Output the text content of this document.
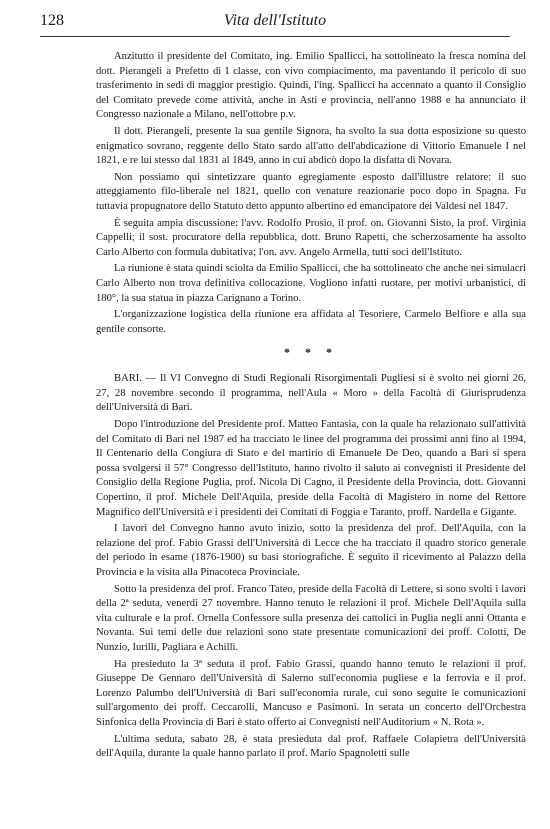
128	Vita dell'Istituto

Anzitutto il presidente del Comitato, ing. Emilio Spallicci, ha sottolineato la fresca nomina del dott. Pierangeli a Prefetto di I classe, con vivo compiacimento, ma paventando il pericolo di suo trasferimento in sedi di maggior prestigio. Quindi, l'ing. Spallicci ha accennato a quanto il Consiglio del Comitato prevede come attività, anche in Asti e provincia, nell'anno 1988 e ha annunciato il Congresso nazionale a Milano, nell'ottobre p.v.

Il dott. Pierangeli, presente la sua gentile Signora, ha svolto la sua dotta esposizione su questo enigmatico sovrano, reggente dello Stato sardo all'atto dell'abdicazione di Vittorio Emanuele I nel 1821, e re lui stesso dal 1831 al 1849, anno in cui abdicò dopo la disfatta di Novara.

Non possiamo qui sintetizzare quanto egregiamente esposto dall'illustre relatore: il suo atteggiamento filo-liberale nel 1821, quello con venature reazionarie poco dopo in Spagna. Fu tuttavia propugnatore dello Statuto detto appunto albertino ed emancipatore dei Valdesi nel 1847.

È seguita ampia discussione: l'avv. Rodolfo Prosio, il prof. on. Giovanni Sisto, la prof. Virginia Cappelli; il sost. procuratore della repubblica, dott. Bruno Rapetti, che scherzosamente ha assolto Carlo Alberto con formula dubitativa; l'on. avv. Angelo Armella, tutti soci dell'Istituto.

La riunione è stata quindi sciolta da Emilio Spallicci, che ha sottolineato che anche nei simulacri Carlo Alberto non trova definitiva collocazione. Vogliono infatti ruotare, per motivi urbanistici, di 180°, la sua statua in piazza Carignano a Torino.

L'organizzazione logistica della riunione era affidata al Tesoriere, Carmelo Belfiore e alla sua gentile consorte.

* * *

BARI. — Il VI Convegno di Studi Regionali Risorgimentali Pugliesi si è svolto nei giorni 26, 27, 28 novembre secondo il programma, nell'Aula « Moro » della Facoltà di Giurisprudenza dell'Università di Bari.

Dopo l'introduzione del Presidente prof. Matteo Fantasia, con la quale ha relazionato sull'attività del Comitato di Bari nel 1987 ed ha tracciato le linee del programma dei prossimi anni fino al 1994, Il Centenario della Congiura di Stato e del martirio di Emanuele De Deo, quando a Bari si spera possa svolgersi il 57° Congresso dell'Istituto, hanno rivolto il saluto ai convegnisti il Presidente del Consiglio della Regione Puglia, prof. Nicola Di Cagno, il Presidente della Provincia, dott. Giovanni Copertino, il prof. Michele Dell'Aquila, preside della Facoltà di Magistero in nome del Rettore Magnifico dell'Università e i presidenti dei Comitati di Foggia e Taranto, proff. Nardella e Gigante.

I lavori del Convegno hanno avuto inizio, sotto la presidenza del prof. Dell'Aquila, con la relazione del prof. Fabio Grassi dell'Università di Lecce che ha tracciato il quadro storico generale del periodo in esame (1876-1900) su basi storiografiche. È seguito il ricevimento al Palazzo della Provincia e la visita alla Pinacoteca Provinciale.

Sotto la presidenza del prof. Franco Tateo, preside della Facoltà di Lettere, si sono svolti i lavori della 2ª seduta, venerdì 27 novembre. Hanno tenuto le relazioni il prof. Michele Dell'Aquila sulla vita culturale e la prof. Ornella Confessore sulla presenza dei cattolici in Puglia negli anni Ottanta e Novanta. Sui temi delle due relazioni sono state presentate comunicazioni dei proff. Colotti, De Nunzio, Iurilli, Pagliara e Achilli.

Ha presieduto la 3ª seduta il prof. Fabio Grassi, quando hanno tenuto le relazioni il prof. Giuseppe De Gennaro dell'Università di Salerno sull'economia pugliese e la ferrovia e il prof. Lorenzo Palumbo dell'Università di Bari sull'economia rurale, cui sono seguite le comunicazioni sull'argomento dei proff. Ceccarolli, Mancuso e Pasimoni. In serata un concerto dell'Orchestra Sinfonica della Provincia di Bari è stato offerto ai Convegnisti nell'Auditorium « N. Rota ».

L'ultima seduta, sabato 28, è stata presieduta dal prof. Raffaele Colapietra dell'Università dell'Aquila, durante la quale hanno parlato il prof. Mario Spagnoletti sulle
